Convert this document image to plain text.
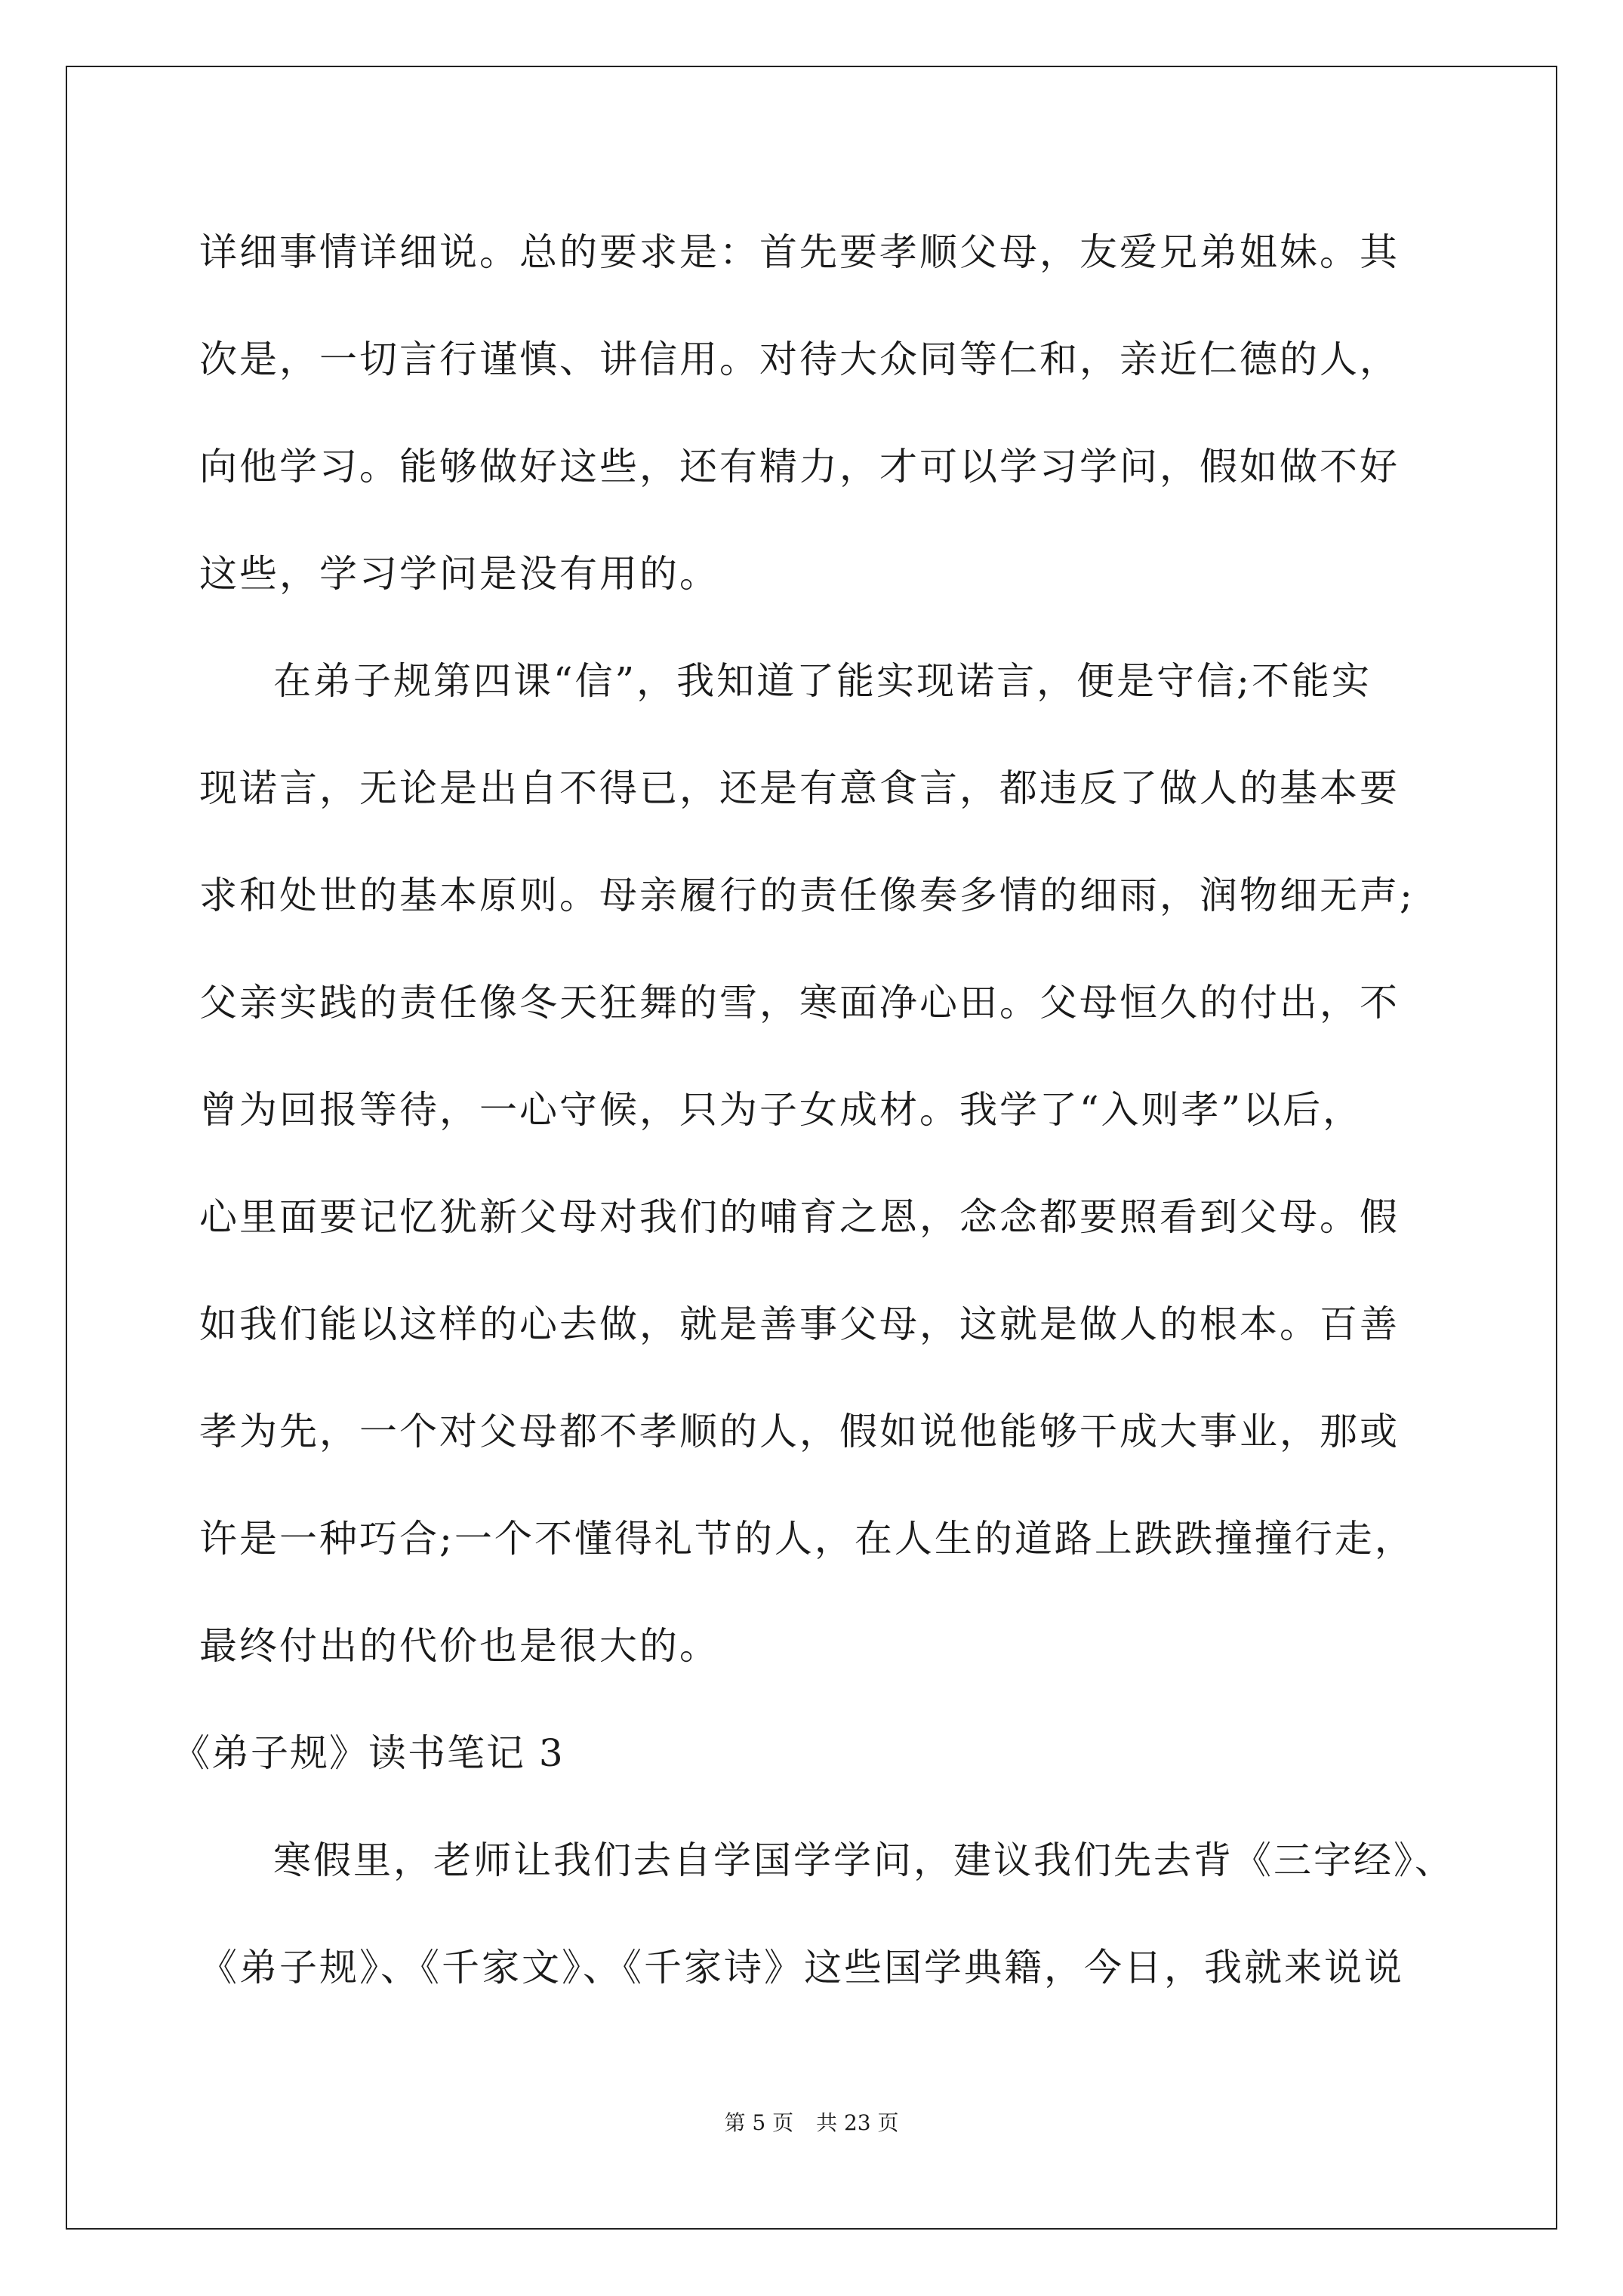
详细事情详细说。总的要求是：首先要孝顺父母，友爱兄弟姐妹。其
次是，一切言行谨慎、讲信用。对待大众同等仁和，亲近仁德的人，
向他学习。能够做好这些，还有精力，才可以学习学问，假如做不好
这些，学习学问是没有用的。
在弟子规第四课“信”，我知道了能实现诺言，便是守信;不能实
现诺言，无论是出自不得已，还是有意食言，都违反了做人的基本要
求和处世的基本原则。母亲履行的责任像奏多情的细雨，润物细无声;
父亲实践的责任像冬天狂舞的雪，寒面净心田。父母恒久的付出，不
曾为回报等待，一心守候，只为子女成材。我学了“入则孝”以后，
心里面要记忆犹新父母对我们的哺育之恩，念念都要照看到父母。假
如我们能以这样的心去做，就是善事父母，这就是做人的根本。百善
孝为先，一个对父母都不孝顺的人，假如说他能够干成大事业，那或
许是一种巧合;一个不懂得礼节的人，在人生的道路上跌跌撞撞行走，
最终付出的代价也是很大的。
《弟子规》读书笔记 3
寒假里，老师让我们去自学国学学问，建议我们先去背《三字经》、
《弟子规》、《千家文》、《千家诗》这些国学典籍，今日，我就来说说
第 5 页 共 23 页
